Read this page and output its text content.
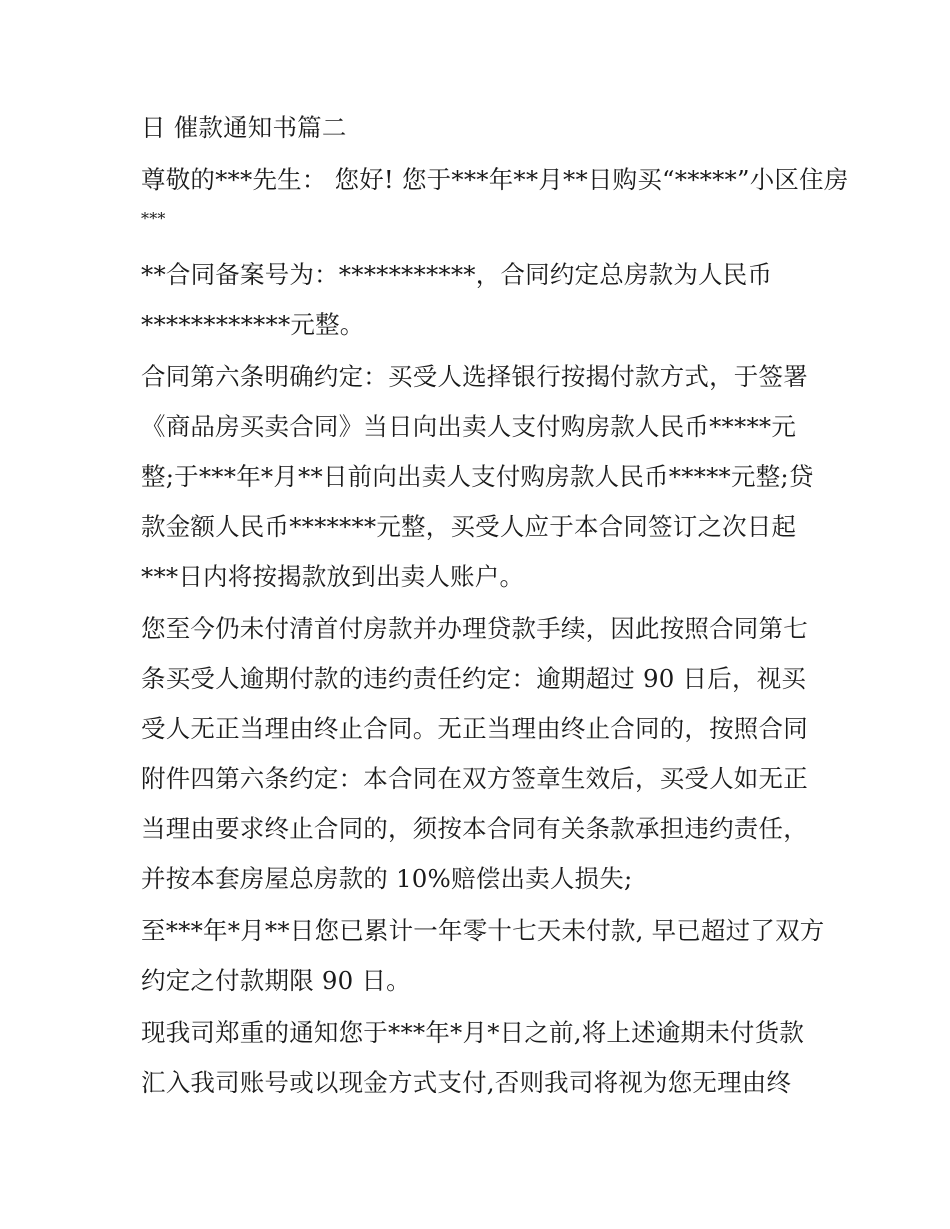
日 催款通知书篇二
尊敬的***先生： 您好! 您于***年**月**日购买“*****”小区住房
***
**合同备案号为：***********，合同约定总房款为人民币
************元整。
合同第六条明确约定：买受人选择银行按揭付款方式，于签署
《商品房买卖合同》当日向出卖人支付购房款人民币*****元
整;于***年*月**日前向出卖人支付购房款人民币*****元整;贷
款金额人民币*******元整，买受人应于本合同签订之次日起
***日内将按揭款放到出卖人账户。
您至今仍未付清首付房款并办理贷款手续，因此按照合同第七
条买受人逾期付款的违约责任约定：逾期超过 90 日后，视买
受人无正当理由终止合同。无正当理由终止合同的，按照合同
附件四第六条约定：本合同在双方签章生效后，买受人如无正
当理由要求终止合同的，须按本合同有关条款承担违约责任，
并按本套房屋总房款的 10%赔偿出卖人损失;
至***年*月**日您已累计一年零十七天未付款, 早已超过了双方
约定之付款期限 90 日。
现我司郑重的通知您于***年*月*日之前,将上述逾期未付货款
汇入我司账号或以现金方式支付,否则我司将视为您无理由终
